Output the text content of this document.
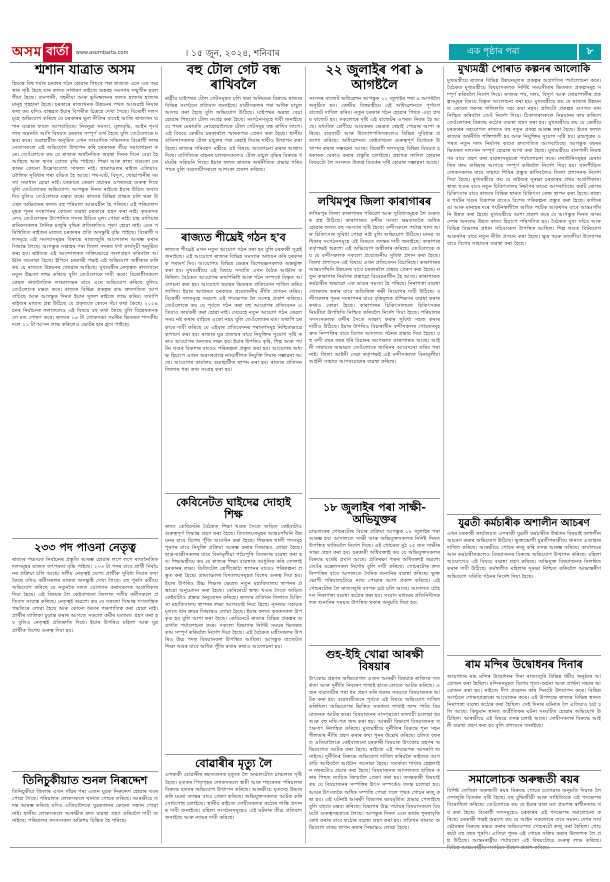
অসম বাৰ্তা	www.asombarta.com	। ১৫ জুন, ২০২৪, শনিবাৰ	এক পৃষ্ঠাৰ পৰা	৮

শ্মশান যাত্ৰাত অসম

হিমন্তে বিশ্ব শৰ্মাৰ চৰকাৰ গঠন হোৱাৰ পিছৰে পৰা ৰাজ্যত এনে এক অৱস্থাৰ সৃষ্টি হৈছে যাৰ ফলত সাধাৰণ ৰাইজে অহৰহ সমস্যাৰ সন্মুখীন হবলগীয়া হৈছে। বানপানী, খহনীয়া আৰু ভূমিস্খলনৰ ফলত হাজাৰ হাজাৰ মানুহ গৃহহাৰা হৈছে। চৰকাৰে ৰাজ্যখনক উন্নয়নৰ পথত আগুৱাই নিয়াৰ কথা কয় যদিও বাস্তৱত ইয়াৰ বিপৰীত চিত্ৰহে দেখা গৈছে। বিৰোধী দলসমূহে অভিযোগ কৰিছে যে চৰকাৰৰ ভুল নীতিৰ বাবেই আজি ৰাজ্যখন শ্মশান যাত্ৰাৰ ফালে আগবাঢ়িছে। নিবনুৱা সমস্যা, মূল্যবৃদ্ধি, আইন শৃংখলাৰ অৱনতি আদি বিষয়ত চৰকাৰ সম্পূৰ্ণ ব্যৰ্থ হৈছে বুলি তেওঁলোকে মন্তব্য কৰে। গুৱাহাটীত অনুষ্ঠিত এখন সাংবাদিক সন্মিলনত বিৰোধী দলৰ নেতাসকলে এই অভিযোগ উত্থাপন কৰি চৰকাৰক তীব্ৰ সমালোচনা কৰে। তেওঁলোকে কয় যে ৰাজ্যৰ অৰ্থনৈতিক অৱস্থা দিনক দিনে বেয়া হৈ আহিছে আৰু ঋণৰ বোজা বৃদ্ধি পাইছে। শিক্ষা আৰু স্বাস্থ্য খণ্ডতো চৰকাৰৰ কোনো উল্লেখযোগ্য সাফল্য নাই। গ্ৰাম্যাঞ্চলৰ ৰাইজ এতিয়াও মৌলিক সুবিধাৰ পৰা বঞ্চিত হৈ আছে। পথ-ঘাট, বিদ্যুৎ, খোৱাপানীৰ সমস্যা সমাধান হোৱা নাই। চৰকাৰে কেৱল প্ৰচাৰৰ ওপৰতহে গুৰুত্ব দিছে বুলি তেওঁলোকৰ অভিযোগ। আগন্তুক দিনত ৰাইজে ইয়াৰ উচিত জবাব দিব বুলিও তেওঁলোকে মন্তব্য কৰে। ৰাজ্যৰ বিভিন্ন প্ৰান্তত চলি থকা উচ্ছেদ অভিযানৰ ফলত বহু পৰিয়াল আশ্ৰয়হীন হৈ পৰিছে। এই পৰিয়ালসমূহক পুনৰ সংস্থাপনৰ কোনো ব্যৱস্থা চৰকাৰে গ্ৰহণ কৰা নাই। কৃষকসকলেও তেওঁলোকৰ উৎপাদিত শস্যৰ উচিত মূল্য পোৱা নাই। চাহ বাগিচাৰ শ্ৰমিকসকলৰ দৈনিক মজুৰি বৃদ্ধিৰ প্ৰতিশ্ৰুতিও পূৰণ হোৱা নাই। এনে পৰিস্থিতিত ৰাইজৰ মাজত চৰকাৰৰ প্ৰতি অসন্তুষ্টি বৃদ্ধি পাইছে। বিৰোধী দলসমূহে এই সমস্যাসমূহৰ বিৰুদ্ধে ৰাজ্যজুৰি আন্দোলন আৰম্ভ কৰাৰ সিদ্ধান্ত লৈছে। আগন্তুক সপ্তাহৰ পৰা জিলা সদৰত ধৰ্ণা কাৰ্যসূচী অনুষ্ঠিত কৰা হব। ৰাইজক এই আন্দোলনত সক্ৰিয়ভাৱে অংশগ্ৰহণ কৰিবলৈ আহ্বান জনোৱা হৈছে। ইপিনে চৰকাৰী পক্ষই এই অভিযোগ অস্বীকাৰ কৰি কয় যে ৰাজ্যত উন্নয়নৰ জোৱাৰ আহিছে। মুখ্যমন্ত্ৰীৰ নেতৃত্বত ৰাজ্যখনে নতুন উচ্চতা লাভ কৰিছে বুলি তেওঁলোকে দাবী কৰে। বিৰোধীসকলে কেৱল ৰাজনৈতিক লাভালাভৰ বাবে এনে অভিযোগ কৰিছে বুলিও তেওঁলোকে মন্তব্য কৰে। ৰাজ্যৰ বিভিন্ন প্ৰকল্পৰ কাম দ্ৰুতগতিত আগবাঢ়িছে আৰু আগন্তুক দিনত ইয়াৰ সুফল ৰাইজে লাভ কৰিব। তথাপি ৰাইজৰ মাজত প্ৰশ্ন উঠিছে যে প্ৰকৃততে কোনে সঁচা কথা কৈছে। ২০২৪ চনৰ নিৰ্বাচনৰ ফলাফলেও এই বিষয়ে বহু কথা কৈছে বুলি বিশ্লেষকসকলে মত পোষণ কৰে। ৰাজ্যৰ ১৪ টা লোকসভা সমষ্টিৰ ভিতৰত শাসকীয় দলে ১১ টা আসন লাভ কৰিলেও ভোটৰ হাৰ হ্ৰাস পাইছে।

২৩৩ পদ পাওনা নেতৃত্ব

ৰাজ্যৰ পঞ্চায়ত নিৰ্বাচনৰ প্ৰস্তুতি আৰম্ভ হোৱাৰ লগে লগে ৰাজনৈতিক দলসমূহৰ মাজত তৎপৰতা বৃদ্ধি পাইছে। ২৩৩ টা পদৰ বাবে প্ৰাৰ্থী নিৰ্বাচনৰ প্ৰক্ৰিয়া চলি আছে। দলীয় নেতৃত্বই যোগ্য প্ৰাৰ্থীক সুবিধা দিয়াৰ কথা কৈছে যদিও কৰ্মীসকলৰ মাজত অসন্তুষ্টি দেখা গৈছে। বহু পুৰণি কৰ্মীয়ে অভিযোগ কৰিছে যে নতুনকৈ দলত যোগদান কৰাসকলক অগ্ৰাধিকাৰ দিয়া হৈছে। এই বিষয়ক লৈ কেইবাখনো জিলাত দলীয় কৰ্মীসকলে প্ৰতিবাদ সাব্যস্ত কৰিছে। নেতৃত্বই অৱশ্যে কয় যে সকলো সিদ্ধান্ত গণতান্ত্ৰিক পদ্ধতিৰে লোৱা হৈছে আৰু কোনো ধৰণৰ পক্ষপাতিত্ব কৰা হোৱা নাই। প্ৰাৰ্থীৰ তালিকা চূড়ান্ত কৰাৰ আগতে সকলো কৰ্মীৰ মতামত গ্ৰহণ কৰা হব বুলিও নেতৃত্বই প্ৰতিশ্ৰুতি দিছে। ইয়াৰ উপৰিও মহিলা আৰু যুৱ প্ৰাৰ্থীক বিশেষ গুৰুত্ব দিয়া হব।

তিনিচুকীয়াত শুনল নিৰূদ্দেশ

তিনিচুকীয়া জিলাৰ এখন গাঁৱৰ পৰা এজন যুৱক নিৰুদ্দেশ হোৱাৰ খবৰ পোৱা গৈছে। পৰিয়ালৰ লোকসকলে থানাত গোচৰ তৰিছে। আৰক্ষীয়ে তদন্ত আৰম্ভ কৰিছে যদিও এতিয়ালৈকে যুৱকজনৰ কোনো সন্ধান পোৱা নাই। স্থানীয় লোকসকলে আৰক্ষীক দ্ৰুত ব্যৱস্থা গ্ৰহণ কৰিবলৈ দাবী জনাইছে। পৰিয়ালৰ সদস্যসকল অতিশয় চিন্তিত হৈ পৰিছে।

বহু টোল গেট বন্ধ ৰাখিবলৈ

ৰাষ্ট্ৰীয় ঘাইপথৰ টোল গেটসমূহত চলি থকা অনিয়মৰ বিৰুদ্ধে ৰাজ্যৰ বিভিন্ন সংগঠনে প্ৰতিবাদ জনাইছে। যাত্ৰীসকলৰ পৰা অধিক মাচুল আদায় কৰা হৈছে বুলি অভিযোগ উঠিছে। ঘাইপথৰ অৱস্থা বেয়া হোৱাৰ পিছতো টোল সংগ্ৰহ কৰা হৈছে। সংগঠনসমূহে দাবী জনাইছে যে পথৰ মেৰামতি নোহোৱালৈকে টোল গেটসমূহ বন্ধ ৰাখিব লাগে। এই বিষয়ে কেন্দ্ৰীয় চৰকাৰলৈ স্মাৰকপত্ৰ প্ৰেৰণ কৰা হৈছে। স্থানীয় বাসিন্দাসকলক টোল মাচুলৰ পৰা ৰেহাই দিয়াৰ দাবীও উত্থাপন কৰা হৈছে। ৰাজ্যৰ পৰিবহণ মন্ত্ৰীয়ে এই বিষয়ে আলোচনা কৰাৰ আশ্বাস দিছে। বাণিজ্যিক বাহনৰ চালকসকলেও টোল মাচুল বৃদ্ধিৰ বিৰুদ্ধে ধৰ্মঘটৰ সকিয়নি দিছে। ইয়াৰ ফলত ৰাজ্যৰ অৰ্থনীতিত প্ৰভাৱ পৰিব পাৰে বুলি ব্যৱসায়ীসকলে আশংকা প্ৰকাশ কৰিছে।

ৰাজ্যত শীঘ্ৰেই গঠন হ'ব

ৰাজ্যত শীঘ্ৰেই এখন নতুন আয়োগ গঠন কৰা হব বুলি চৰকাৰী সূত্ৰই জনাইছে। এই আয়োগে ৰাজ্যৰ বিভিন্ন সমস্যাৰ অধ্যয়ন কৰি চৰকাৰক পৰামৰ্শ দিব। আয়োগত বিভিন্ন ক্ষেত্ৰৰ বিশেষজ্ঞসকলক অন্তৰ্ভুক্ত কৰা হব। মুখ্যমন্ত্ৰীয়ে এই বিষয়ে সম্প্ৰতি এখন বৈঠক আহ্বান কৰিছিল। বৈঠকত আয়োগৰ কাৰ্যপৰিধি আৰু গঠন সম্পৰ্কে বিস্তৃত আলোচনা কৰা হয়। আয়োগে ছমাহৰ ভিতৰত প্ৰতিবেদন দাখিল কৰিব লাগিব। ইয়াৰ আধাৰত চৰকাৰে প্ৰয়োজনীয় নীতি প্ৰণয়ন কৰিব। বিৰোধী দলসমূহে অৱশ্যে এই পদক্ষেপক লৈ সন্দেহ প্ৰকাশ কৰিছে। তেওঁলোকে কয় যে পূৰ্বতে গঠন কৰা বহু আয়োগৰ প্ৰতিবেদন এতিয়াও কাৰ্যকৰী কৰা হোৱা নাই। সেয়েহে নতুন আয়োগ গঠন কেৱল সময় নষ্ট কৰাৰ বাহিৰে একো নহয় বুলি তেওঁলোকৰ মত। তথাপি চৰকাৰে দাবী কৰিছে যে এইবাৰ প্ৰতিবেদনৰ পৰামৰ্শসমূহ নিশ্চিতভাৱে ৰূপায়ণ কৰা হব। ৰাজ্যৰ যুৱ প্ৰজন্মৰ বাবে নিযুক্তিৰ সুযোগ সৃষ্টি কৰাও আয়োগৰ অন্যতম লক্ষ্য হব। ইয়াৰ উপৰিও কৃষি, শিল্প আৰু পৰ্যটন খণ্ডৰ বিকাশৰ বাবেও পৰিকল্পনা প্ৰস্তুত কৰা হব। আয়োগৰ অধ্যক্ষ হিচাপে এজন অৱসৰপ্ৰাপ্ত ন্যায়াধীশক নিযুক্তি দিয়াৰ সম্ভাৱনা আছে। আয়োগৰ কাৰ্যালয় গুৱাহাটীত স্থাপন কৰা হব। ৰাজ্যৰ প্ৰতিখন জিলাৰ পৰা তথ্য সংগ্ৰহ কৰা হব।

কেবিনেটত ঘাইদেৱ দোহাই শিক্ষ

ৰাজ্য কেবিনেটৰ বৈঠকত শিক্ষা খণ্ডৰ সৈতে জড়িত কেইবাটাও গুৰুত্বপূৰ্ণ সিদ্ধান্ত গ্ৰহণ কৰা হৈছে। বিদ্যালয়সমূহৰ আন্তঃগাঁথনি উন্নয়নৰ বাবে বিশেষ পুঁজি আবণ্টন কৰা হৈছে। শিক্ষকৰ খালী পদসমূহ পূৰণৰ বাবে নিযুক্তি প্ৰক্ৰিয়া আৰম্ভ কৰাৰ সিদ্ধান্তও লোৱা হৈছে। ছাত্ৰ-ছাত্ৰীসকলৰ বাবে বিনামূলীয়া পাঠ্যপুথি বিতৰণৰ ব্যৱস্থা কৰা হব। শিক্ষামন্ত্ৰীয়ে কয় যে ৰাজ্যৰ শিক্ষা ব্যৱস্থাক আধুনিক কৰি তোলাই চৰকাৰৰ লক্ষ্য। ডিজিটেল শ্ৰেণীকোঠা স্থাপনৰ বাবেও পৰিকল্পনা প্ৰস্তুত কৰা হৈছে। গ্ৰাম্যাঞ্চলৰ বিদ্যালয়সমূহত বিশেষ গুৰুত্ব দিয়া হব। ইয়াৰ উপৰিও উচ্চ শিক্ষাৰ ক্ষেত্ৰত নতুন মহাবিদ্যালয় স্থাপনৰ প্ৰস্তাৱো অনুমোদন কৰা হৈছে। কেবিনেটে স্বাস্থ্য খণ্ডৰ সৈতে জড়িত কেইবাটাও প্ৰস্তাৱ অনুমোদন কৰিছে। ৰাজ্যৰ প্ৰতিখন জিলাত চিকিৎসা মহাবিদ্যালয় স্থাপনৰ লক্ষ্য আগবঢ়াই নিয়া হৈছে। ন্যূনতম সহায়ক মূল্যত ধান ক্ৰয়ৰ সিদ্ধান্তও লোৱা হৈছে। ইয়াৰ ফলত কৃষকসকল উপকৃত হব বুলি আশা কৰা হৈছে। কেবিনেটে ৰাজ্যৰ বিভিন্ন প্ৰকল্পৰ অগ্ৰগতি পৰ্যালোচনা কৰে। সকলো বিভাগক নিৰ্দিষ্ট সময়ৰ ভিতৰত কাম সম্পূৰ্ণ কৰিবলৈ নিৰ্দেশ দিয়া হৈছে। এই বৈঠকত মন্ত্ৰীসকলৰ উপৰিও উচ্চ পদস্থ বিষয়াসকল উপস্থিত আছিল। আগন্তুক বাজেটত শিক্ষা খণ্ডৰ বাবে অধিক পুঁজি ৰখাৰ কথাও আলোচনা হয়।

বোৱাৰীৰ মৃত্যু লৈ

এগৰাকী বোৱাৰীৰ ৰহস্যজনক মৃত্যুক লৈ অঞ্চলটোত চাঞ্চল্যৰ সৃষ্টি হৈছে। মৃতকৰ পিতৃগৃহৰ লোকসকলে স্বামী আৰু শহুৰেকৰ পৰিয়ালৰ বিৰুদ্ধে হত্যাৰ অভিযোগ উত্থাপন কৰিছে। আৰক্ষীয়ে মৃতদেহ উদ্ধাৰ কৰি ময়না তদন্তৰ বাবে প্ৰেৰণ কৰিছে। অভিযুক্তসকলক আটক কৰি সোধপোছ চলাইছে। স্থানীয় ৰাইজে দোষীসকলক কঠোৰ শাস্তি প্ৰদানৰ দাবী জনাইছে। মহিলা সংগঠনসমূহেও এই ঘটনাৰ তীব্ৰ প্ৰতিবাদ জনাইছে আৰু ন্যায়ৰ দাবী কৰিছে।

২২ জুলাইৰ পৰা ৯ আগষ্টলৈ

সংসদৰ বাজেট অধিৱেশন আগন্তুক ২২ জুলাইৰ পৰা ৯ আগষ্টলৈ অনুষ্ঠিত হব। কেন্দ্ৰীয় বিত্তমন্ত্ৰীয়ে এই অধিৱেশনতে পূৰ্ণাংগ বাজেট দাখিল কৰিব। নতুন চৰকাৰ গঠন হোৱাৰ পিছত এয়া প্ৰথম বাজেট হব। সকলোৰে দৃষ্টি এই বাজেটৰ ওপৰত নিবদ্ধ হৈ আছে। মধ্যবিত্ত শ্ৰেণীয়ে আয়কৰৰ ক্ষেত্ৰত ৰেহাই পোৱাৰ আশা কৰিছে। ব্যৱসায়ী আৰু উদ্যোগপতিসকলেও বিভিন্ন সুবিধাৰ প্ৰত্যাশা কৰিছে। অধিৱেশনত কেইবাখনো গুৰুত্বপূৰ্ণ বিধেয়ক উত্থাপন কৰাৰ সম্ভাৱনা আছে। বিৰোধী দলসমূহে বিভিন্ন বিষয়ত চৰকাৰক ঘেৰাও কৰাৰ প্ৰস্তুতি চলাইছে। প্ৰশ্নপত্ৰ ফাদিল হোৱাৰ বিষয়টো লৈ সংসদত উত্তপ্ত বিতৰ্কৰ সৃষ্টি হোৱাৰ সম্ভাৱনা আছে।

লখিমপুৰ জিলা কাৰাগাৰৰ

লখিমপুৰ জিলা কাৰাগাৰৰ পৰিৱেশ আৰু সুবিধাসমূহক লৈ গুৰুতৰ প্ৰশ্ন উঠিছে। কাৰাগাৰত বন্দীৰ সংখ্যা ক্ষমতাতকৈ অধিক হোৱাৰ ফলত বহু সমস্যাৰ সৃষ্টি হৈছে। বন্দীসকলে পৰ্যাপ্ত খাদ্য আৰু চিকিৎসাৰ সুবিধা পোৱা নাই বুলি অভিযোগ উঠিছে। মানৱ অধিকাৰ সংগঠনসমূহে এই বিষয়ত তদন্তৰ দাবী জনাইছে। কাৰাগাৰ কৰ্তৃপক্ষই অৱশ্যে এই অভিযোগ অস্বীকাৰ কৰিছে। তেওঁলোকে কয় যে বন্দীসকলক সকলো প্ৰয়োজনীয় সুবিধা প্ৰদান কৰা হৈছে। জিলা প্ৰশাসনে এই বিষয়ে এখন প্ৰতিবেদন বিচাৰিছে। কাৰাগাৰৰ আন্তঃগাঁথনি উন্নয়নৰ বাবে চৰকাৰলৈ প্ৰস্তাৱ প্ৰেৰণ কৰা হৈছে। নতুন কাৰাগাৰ নিৰ্মাণৰ প্ৰস্তাৱো বিবেচনাধীন হৈ আছে। কাৰাগাৰত কৰ্মচাৰীৰ অভাৱো এক ডাঙৰ সমস্যা হৈ পৰিছে। নিৰাপত্তা ব্যৱস্থা জোৰদাৰ কৰাৰ বাবে অতিৰিক্ত ৰক্ষী নিয়োগৰ দাবী উঠিছে। বন্দীসকলৰ পুনৰ সংস্থাপনৰ বাবে বৃত্তিমূলক প্ৰশিক্ষণৰ ব্যৱস্থা কৰাৰ কথাও কোৱা হৈছে। কাৰাগাৰৰ চিকিৎসালয়ত চিকিৎসকৰ নিয়মীয়া উপস্থিতি নিশ্চিত কৰিবলৈ নিৰ্দেশ দিয়া হৈছে। পৰিয়ালৰ সদস্যসকলক বন্দীৰ সৈতে সাক্ষাৎ কৰাৰ সুবিধা সহজ কৰাৰ দাবীও উঠিছে। ইয়াৰ উপৰিও বিচাৰাধীন বন্দীসকলৰ গোচৰসমূহ দ্ৰুত নিষ্পত্তিৰ বাবে বিশেষ আদালত গঠনৰ প্ৰস্তাৱ দিয়া হৈছে। বহু বন্দী বছৰ বছৰ ধৰি বিচাৰৰ অপেক্ষাত কাৰাগাৰত আছে। আইনী সাহায্যৰ অভাৱত তেওঁলোকে জামিনৰ আবেদনো কৰিব পৰা নাই। জিলা আইনী সেৱা কৰ্তৃপক্ষই এই বন্দীসকলক বিনামূলীয়া আইনী সাহায্য আগবঢ়োৱাৰ ব্যৱস্থা কৰিছে।

১৮ জুলাইৰ পৰা সাক্ষী-অভিযুক্তৰ

চাঞ্চল্যকৰ গোচৰটোৰ বিচাৰ প্ৰক্ৰিয়া আগন্তুক ১৮ জুলাইৰ পৰা আৰম্ভ হব। আদালতে সাক্ষী আৰু অভিযুক্তসকলক নিৰ্দিষ্ট দিনত উপস্থিত থাকিবলৈ নিৰ্দেশ দিছে। এই গোচৰত মুঠ ২৫ জন সাক্ষীৰ সাক্ষ্য গ্ৰহণ কৰা হব। চৰকাৰী অধিবক্তাই কয় যে অভিযুক্তসকলৰ বিৰুদ্ধে যথেষ্ট প্ৰমাণ আছে। প্ৰতিৰক্ষা পক্ষৰ অধিবক্তাই অৱশ্যে তেওঁৰ মক্কেলসকল নিৰ্দোষ বুলি দাবী কৰিছে। গোচৰটোৰ দ্ৰুত নিষ্পত্তিৰ বাবে আদালতে দৈনিক শুনানিৰ ব্যৱস্থা কৰিছে। ভুক্তভোগী পৰিয়ালটোৱে ন্যায় পোৱাৰ আশা প্ৰকাশ কৰিছে। এই গোচৰটোক লৈ ৰাজ্যজুৰি ব্যাপক চৰ্চা চলি আছে। আদালত চৌহদত নিৰাপত্তা ব্যৱস্থা কঠোৰ কৰা হব। সংবাদ মাধ্যমৰ প্ৰতিনিধিসকলক শুনানিৰ সময়ত উপস্থিত থকাৰ অনুমতি দিয়া হব।

গুহ-ইহি খোৱা আৰক্ষী বিষয়াৰ

উৎকোচ গ্ৰহণৰ অভিযোগত এজন আৰক্ষী বিষয়াক ৰাজ্যিক সতৰ্কতা আৰু দুৰ্নীতি নিবাৰণ শাখাই হাতে-লোতে আটক কৰিছে। এজন ব্যৱসায়ীৰ পৰা ধন গ্ৰহণ কৰি থকাৰ সময়তে বিষয়াজনক আটক কৰা হয়। ব্যৱসায়ীজনে পূৰ্বতে এই বিষয়ে অভিযোগ দাখিল কৰিছিল। অভিযোগৰ ভিত্তিত সতৰ্কতা শাখাই ফান্দ পাতি বিষয়াজনক আটক কৰে। বিষয়াজনৰ বাসগৃহতো তালাচী চলোৱা হয় আৰু বহু নথি-পত্ৰ জব্দ কৰা হয়। আৰক্ষী বিভাগে বিষয়াজনক তৎক্ষণাৎ নিলম্বিত কৰিছে। মুখ্যমন্ত্ৰীয়ে দুৰ্নীতিৰ বিৰুদ্ধে শূন্য সহনশীলতাৰ নীতি গ্ৰহণ কৰাৰ কথা পুনৰ উল্লেখ কৰিছে। চলিত বছৰত এতিয়ালৈকে কেইবাজনো চৰকাৰী বিষয়াক উৎকোচ গ্ৰহণৰ অভিযোগত আটক কৰা হৈছে। ৰাইজে এই পদক্ষেপক আদৰণি জনাইছে। দুৰ্নীতিৰ বিৰুদ্ধে অভিযোগ দাখিল কৰিবলৈ ৰাইজক আগবাঢ়ি আহিবলৈ আহ্বান জনোৱা হৈছে। সতৰ্কতা শাখাৰ হেল্পলাইন নম্বৰটোও প্ৰচাৰ কৰা হৈছে। বিষয়াজনক আদালতত হাজিৰ কৰাৰ পিছত ন্যায়িক জিম্মালৈ প্ৰেৰণ কৰা হয়। তদন্তকাৰী বিষয়াই কয় যে বিষয়াজনৰ সম্পত্তিৰ উৎস সম্পৰ্কেও তদন্ত চলোৱা হব। আয়ৰ উৎসতকৈ অধিক সম্পত্তি পোৱা গলে পৃথক গোচৰ ৰুজু কৰা হব। এই ঘটনাই আৰক্ষী বিভাগৰ ভাবমূৰ্তিত প্ৰভাৱ পেলাইছে বুলি বহুতে মন্তব্য কৰিছে। বিভাগৰ উচ্চ পৰ্যায়ৰ বিষয়াসকলে বিষয়টো গুৰুত্বসহকাৰে লৈছে। আগন্তুক দিনত এনে কাৰ্যৰ পুনৰাবৃত্তি ৰোধ কৰাৰ বাবে কঠোৰ ব্যৱস্থা গ্ৰহণ কৰা হব। প্ৰতিখন থানাত অভিযোগ বাকচ স্থাপন কৰাৰ সিদ্ধান্তও লোৱা হৈছে।

মুখ্যমন্ত্ৰী পোৰাত কল্পনৰ আলোকি

মুখ্যমন্ত্ৰীয়ে ৰাজ্যৰ বিভিন্ন উন্নয়নমূলক প্ৰকল্পৰ অগ্ৰগতিৰ পৰ্যালোচনা কৰে। বৈঠকত মুখ্যমন্ত্ৰীয়ে বিষয়াসকলক নিৰ্দিষ্ট সময়সীমাৰ ভিতৰত প্ৰকল্পসমূহ সম্পূৰ্ণ কৰিবলৈ নিৰ্দেশ দিয়ে। ৰাজ্যৰ পথ, দলং, বিদ্যুৎ আৰু খোৱাপানীৰ প্ৰকল্পসমূহৰ বিষয়ে বিস্তৃত আলোচনা কৰা হয়। মুখ্যমন্ত্ৰীয়ে কয় যে ৰাজ্যৰ উন্নয়নত কোনো ধৰণৰ গাফিলতি সহ্য কৰা নহব। প্ৰতিটো প্ৰকল্পৰ গুণগত মান নিশ্চিত কৰিবলৈ তেওঁ নিৰ্দেশ দিয়ে। ঠিকাদাৰসকলে নিম্নমানৰ কাম কৰিলে তেওঁলোকৰ বিৰুদ্ধে কঠোৰ ব্যৱস্থা গ্ৰহণ কৰা হব। মুখ্যমন্ত্ৰীয়ে কয় যে কেন্দ্ৰীয় চৰকাৰৰ সহযোগত ৰাজ্যত বহু নতুন প্ৰকল্প আৰম্ভ কৰা হৈছে। ইয়াৰ ফলত ৰাজ্যৰ অৰ্থনীতি শক্তিশালী হব আৰু নিযুক্তিৰ সুযোগ সৃষ্টি হব। ব্ৰহ্মপুত্ৰৰ ওপৰত নতুন দলং নিৰ্মাণৰ কামো দ্ৰুতগতিত আগবাঢ়িছে। আগন্তুক বছৰৰ ভিতৰত দলংখন সম্পূৰ্ণ হোৱাৰ আশা কৰা হৈছে। মুখ্যমন্ত্ৰীয়ে বানপানী নিয়ন্ত্ৰণৰ বাবে গ্ৰহণ কৰা ব্যৱস্থাসমূহৰো পৰ্যালোচনা কৰে। মথাউৰিসমূহৰ মেৰামতিৰ কাম বাৰিষাৰ আগতে সম্পূৰ্ণ কৰিবলৈ নিৰ্দেশ দিয়া হয়। বানপীড়িত লোকসকলৰ বাবে সাহায্য শিবিৰ প্ৰস্তুত ৰাখিবলৈও জিলা প্ৰশাসনক নিৰ্দেশ দিয়া হৈছে। মুখ্যমন্ত্ৰীয়ে কয় যে ৰাইজৰ সুৰক্ষা চৰকাৰৰ প্ৰথম অগ্ৰাধিকাৰ। স্বাস্থ্য খণ্ডৰ বাবে নতুন চিকিৎসালয় নিৰ্মাণৰ কামো আগবাঢ়িছে। কৰ্কট ৰোগৰ চিকিৎসাৰ বাবে ৰাজ্যৰ বিভিন্ন স্থানত চিকিৎসা কেন্দ্ৰ স্থাপন কৰা হৈছে। ৰাজ্যৰ পৰ্যটন খণ্ডৰ বিকাশৰ বাবেও বিশেষ পৰিকল্পনা প্ৰস্তুত কৰা হৈছে। কাজিৰঙা আৰু মানাহৰ দৰে পৰ্যটনস্থলীলৈ অধিক পৰ্যটক আকৰ্ষণৰ বাবে আন্তঃগাঁথনি উন্নত কৰা হৈছে। মুখ্যমন্ত্ৰীয়ে আশা প্ৰকাশ কৰে যে আগন্তুক দিনত অসম দেশৰ অন্যতম উন্নত ৰাজ্য হিচাপে পৰিগণিত হব। বৈঠকত মুখ্য সচিব আৰু বিভিন্ন বিভাগৰ প্ৰধান সচিবসকল উপস্থিত আছিল। শিল্প খণ্ডত বিনিয়োগ আকৰ্ষণৰ বাবে নতুন নীতি প্ৰণয়ন কৰা হৈছে। ক্ষুদ্ৰ আৰু মজলীয়া উদ্যোগৰ বাবে বিশেষ সাহায্যৰ ব্যৱস্থা কৰা হৈছে।

যুৱতী কৰ্মচাৰীক অশালীন আচৰণ

এখন চৰকাৰী কাৰ্যালয়ত এগৰাকী যুৱতী কৰ্মচাৰীক উৰ্দ্ধতন বিষয়াই অশালীন আচৰণ কৰাৰ অভিযোগ উঠিছে। ভুক্তভোগী যুৱতীগৰাকীয়ে থানাত এজাহাৰ দাখিল কৰিছে। আৰক্ষীয়ে গোচৰ ৰুজু কৰি তদন্ত আৰম্ভ কৰিছে। কাৰ্যালয়ৰ আন কৰ্মচাৰীসকলেও বিষয়াজনৰ বিৰুদ্ধে অভিযোগ উত্থাপন কৰিছে। মহিলা আয়োগেও এই বিষয়ে ব্যৱস্থা গ্ৰহণ কৰিছে। অভিযুক্ত বিষয়াজনক নিলম্বিত কৰাৰ দাবী উঠিছে। কৰ্মস্থলীত মহিলাৰ সুৰক্ষা নিশ্চিত কৰিবলৈ আভ্যন্তৰীণ অভিযোগ সমিতি গঠনৰ নিৰ্দেশ দিয়া হৈছে।

ৰাম মন্দিৰ উদ্বোধনৰ দিনাৰ

অযোধ্যাৰ ৰাম মন্দিৰ উদ্বোধনৰ দিনা ৰাজ্যজুৰি বিভিন্ন ধৰ্মীয় অনুষ্ঠান আয়োজন কৰা হৈছিল। মন্দিৰসমূহত বিশেষ পূজা-অৰ্চনা আৰু প্ৰাৰ্থনা সভাৰ আয়োজন কৰা হয়। ৰাইজে দীপ প্ৰজ্বলন কৰি দিনটো উদযাপন কৰে। বিভিন্ন সংগঠনে শোভাযাত্ৰাৰো আয়োজন কৰে। এই উপলক্ষে ৰাজ্যৰ বিভিন্ন স্থানত নিৰাপত্তা ব্যৱস্থা কঠোৰ কৰা হৈছিল। সেই দিনাৰ ঘটনাক লৈ এতিয়াও চৰ্চা চলি আছে। কিছুমান স্থানত অপ্ৰীতিকৰ ঘটনা সংঘটিত হোৱাৰ অভিযোগ উঠিছিল। আৰক্ষীয়ে এই বিষয়ে তদন্ত চলাই আছে। দোষীসকলৰ বিৰুদ্ধে আইনী ব্যৱস্থা গ্ৰহণ কৰা হব বুলি প্ৰশাসনে জনাইছে।

সমালোচক অৰুন্ধতী ৰয়ৰ

বিশিষ্ট লেখিকা অৰুন্ধতী ৰয়ৰ বিৰুদ্ধে গোচৰ চলোৱাৰ অনুমতি দিয়াক লৈ দেশজুৰি বিতৰ্কৰ সৃষ্টি হৈছে। বহু বুদ্ধিজীৱী আৰু সাহিত্যিকে এই পদক্ষেপৰ বিৰোধিতা কৰিছে। তেওঁলোকে কয় যে ইয়াৰ দ্বাৰা মত প্ৰকাশৰ স্বাধীনতাক খৰ্ব কৰা হৈছে। বিৰোধী দলসমূহেও চৰকাৰৰ এই পদক্ষেপৰ সমালোচনা কৰিছে। চৰকাৰী পক্ষই অৱশ্যে কয় যে আইন সকলোৰে বাবে সমান। দেশৰ সাৰ্বভৌমত্বৰ বিৰুদ্ধে মন্তব্য কৰাৰ অভিযোগত গোচৰটো ৰুজু কৰা হৈছিল। গোচৰটো বহু বছৰ পুৰণি। এতিয়া পুনৰ এই গোচৰ সক্ৰিয় কৰাৰ উদ্দেশ্যক লৈ প্ৰশ্ন উঠিছে। আন্তঃৰাষ্ট্ৰীয় পৰ্যায়তো এই বিষয়টোৱে গুৰুত্ব লাভ কৰিছে। বিভিন্ন আন্তঃৰাষ্ট্ৰীয় সংগঠনে উদ্বেগ প্ৰকাশ কৰিছে।
